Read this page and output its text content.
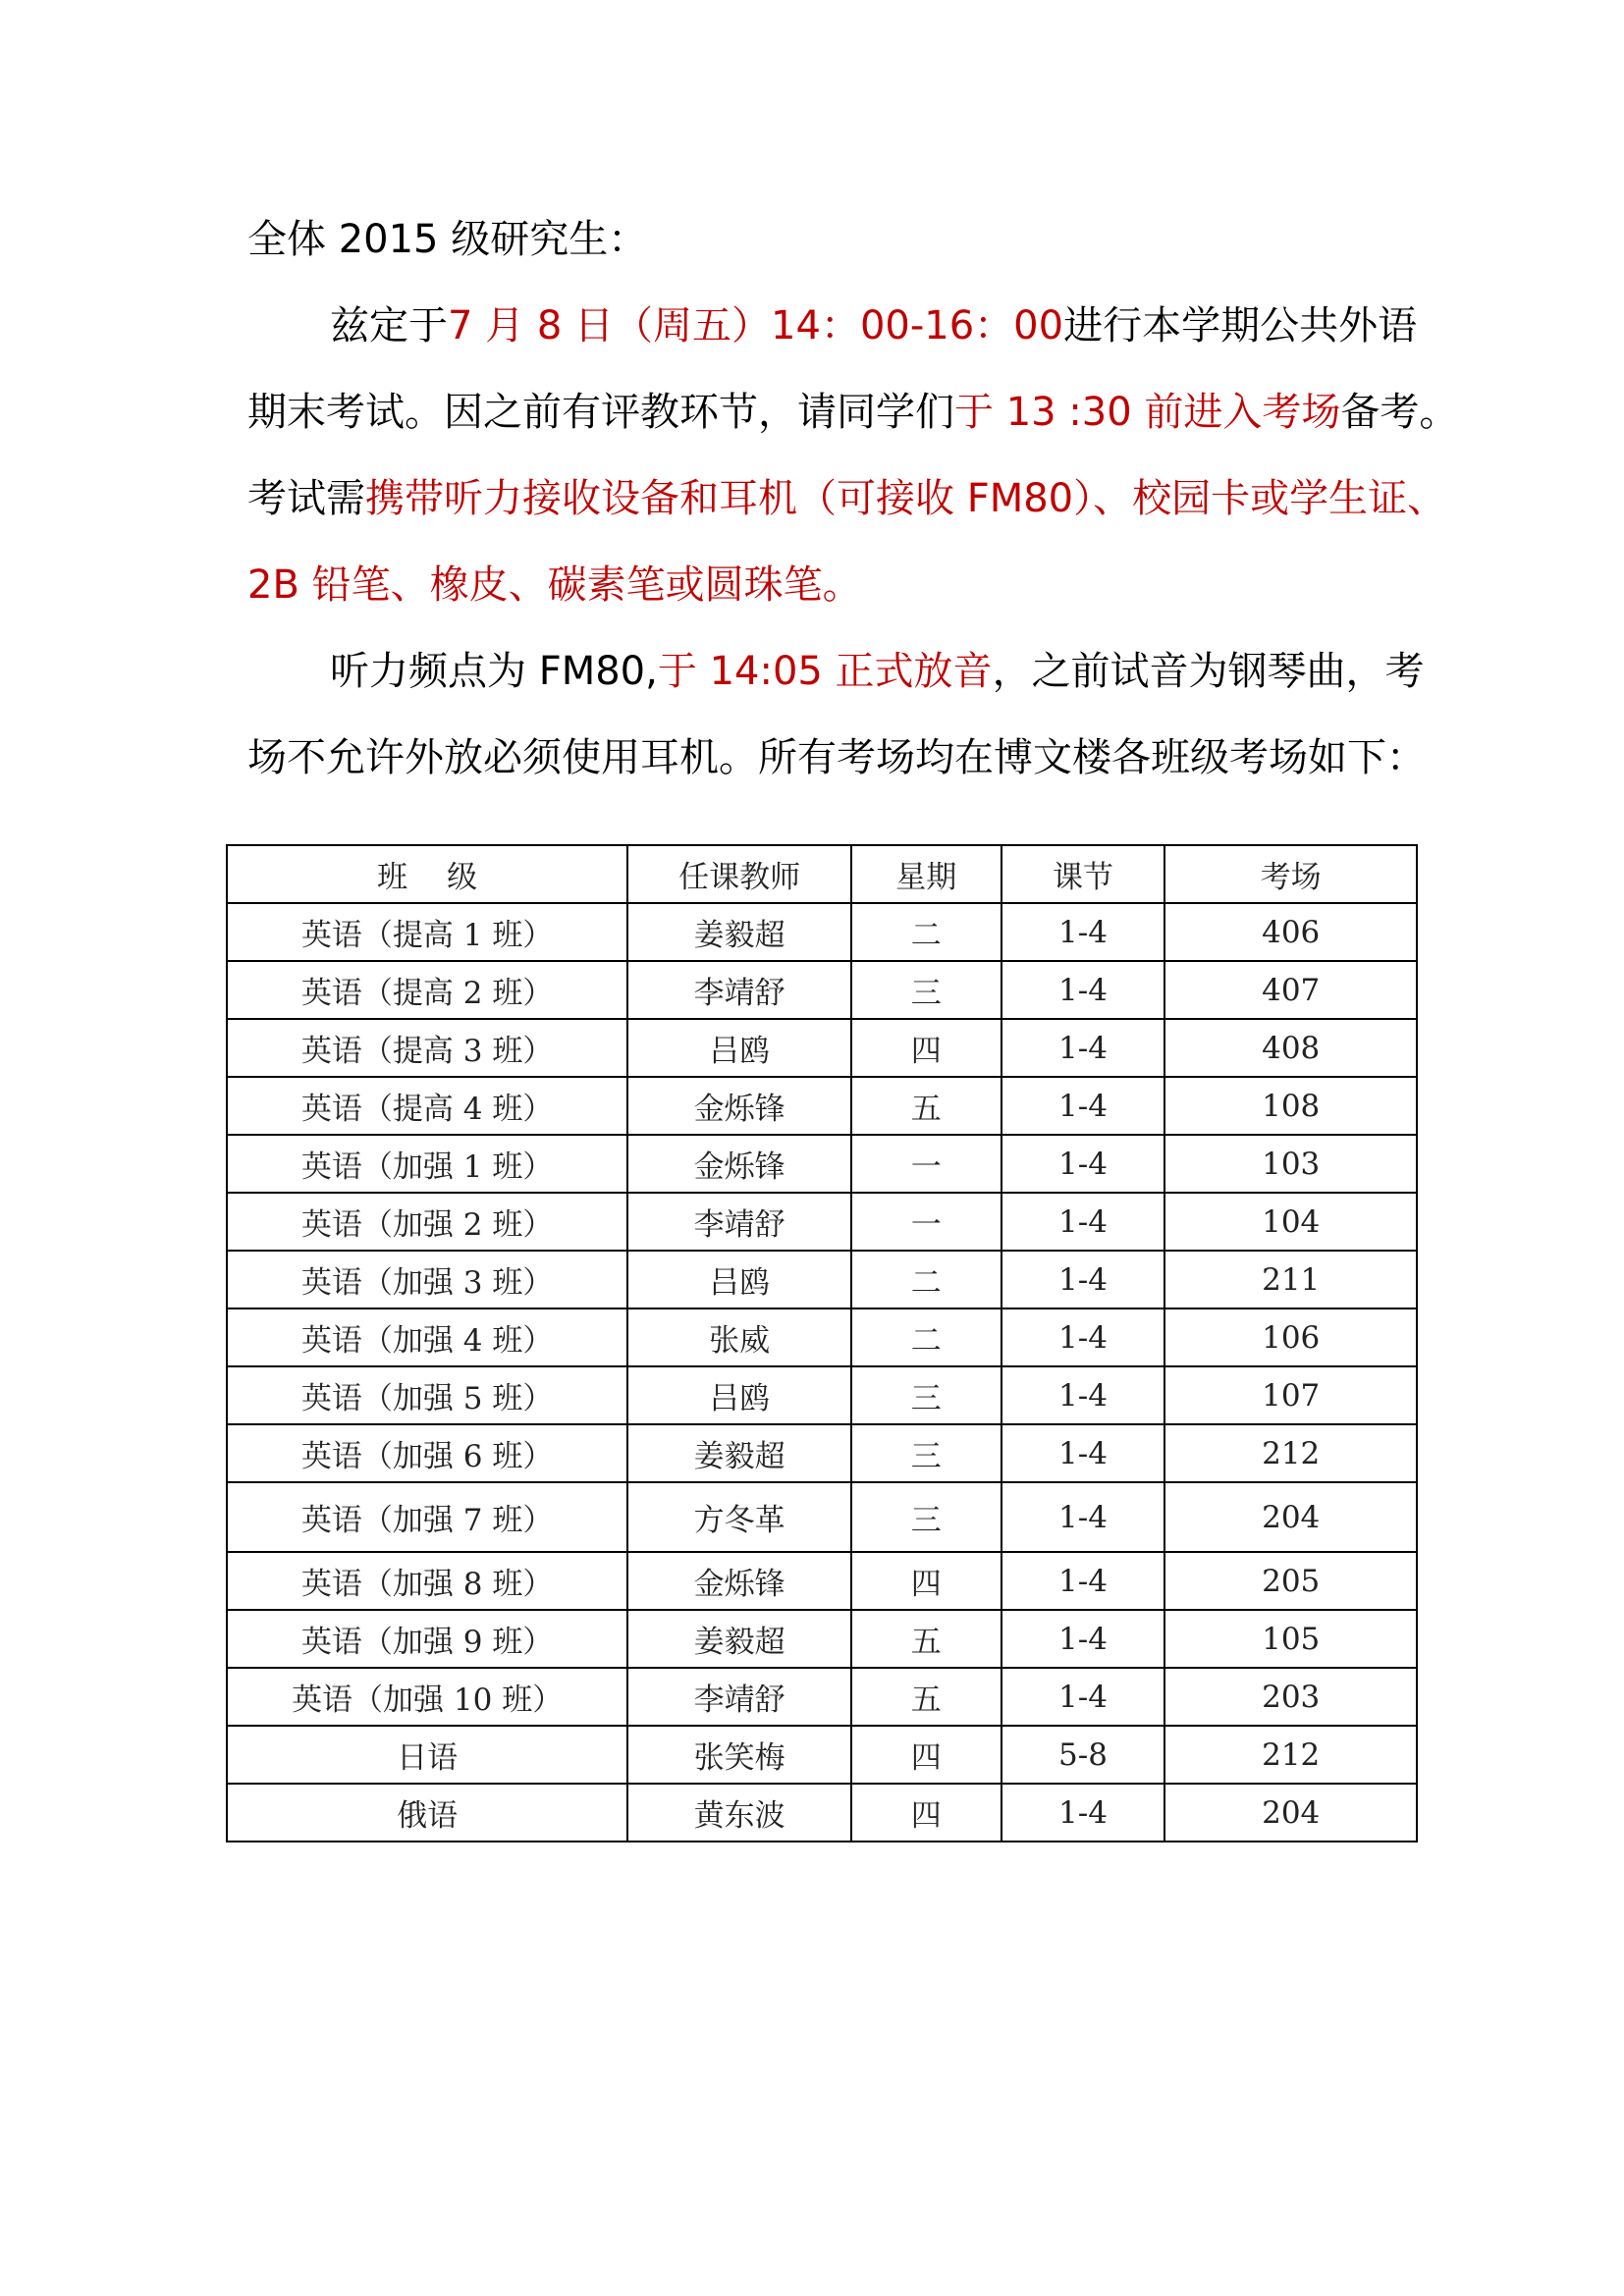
全体 2015 级研究生：

兹定于7 月 8 日（周五）14：00-16：00进行本学期公共外语
期末考试。因之前有评教环节，请同学们于 13 :30 前进入考场备考。
考试需携带听力接收设备和耳机（可接收 FM80）、校园卡或学生证、
2B 铅笔、橡皮、碳素笔或圆珠笔。

听力频点为 FM80,于 14:05 正式放音，之前试音为钢琴曲，考
场不允许外放必须使用耳机。所有考场均在博文楼各班级考场如下：

班级	任课教师	星期	课节	考场
英语（提高 1 班）	姜毅超	二	1-4	406
英语（提高 2 班）	李靖舒	三	1-4	407
英语（提高 3 班）	吕鸥	四	1-4	408
英语（提高 4 班）	金烁锋	五	1-4	108
英语（加强 1 班）	金烁锋	一	1-4	103
英语（加强 2 班）	李靖舒	一	1-4	104
英语（加强 3 班）	吕鸥	二	1-4	211
英语（加强 4 班）	张威	二	1-4	106
英语（加强 5 班）	吕鸥	三	1-4	107
英语（加强 6 班）	姜毅超	三	1-4	212
英语（加强 7 班）	方冬革	三	1-4	204
英语（加强 8 班）	金烁锋	四	1-4	205
英语（加强 9 班）	姜毅超	五	1-4	105
英语（加强 10 班）	李靖舒	五	1-4	203
日语	张笑梅	四	5-8	212
俄语	黄东波	四	1-4	204
